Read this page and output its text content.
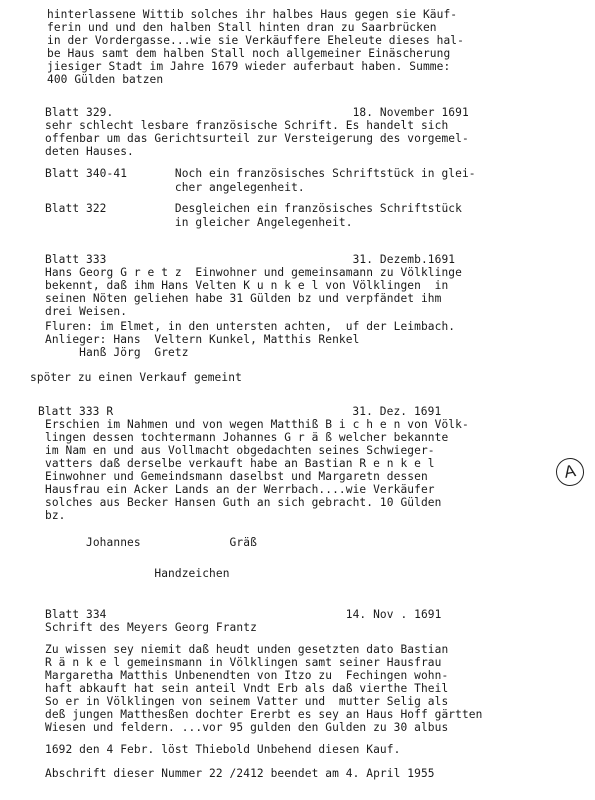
hinterlassene Wittib solches ihr halbes Haus gegen sie Käuf-
ferin und und den halben Stall hinten dran zu Saarbrücken
in der Vordergasse...wie sie Verkäuffere Eheleute dieses hal-
be Haus samt dem halben Stall noch allgemeiner Einäscherung
jiesiger Stadt im Jahre 1679 wieder auferbaut haben. Summe:
400 Gülden batzen
Blatt 329.                                   18. November 1691
sehr schlecht lesbare französische Schrift. Es handelt sich
offenbar um das Gerichtsurteil zur Versteigerung des vorgemel-
deten Hauses.
Blatt 340-41       Noch ein französisches Schriftstück in glei-
cher angelegenheit.
Blatt 322          Desgleichen ein französisches Schriftstück
in gleicher Angelegenheit.
Blatt 333                                    31. Dezemb.1691
Hans Georg G r e t z  Einwohner und gemeinsamann zu Völklinge
bekennt, daß ihm Hans Velten K u n k e l von Völklingen  in
seinen Nöten geliehen habe 31 Gülden bz und verpfändet ihm
drei Weisen.
Fluren: im Elmet, in den untersten achten,  uf der Leimbach.
Anlieger: Hans  Veltern Kunkel, Matthis Renkel
Hanß Jörg  Gretz
spöter zu einen Verkauf gemeint
Blatt 333 R                                   31. Dez. 1691
Erschien im Nahmen und von wegen Matthiß B i c h e n von Völk-
lingen dessen tochtermann Johannes G r ä ß welcher bekannte
im Nam en und aus Vollmacht obgedachten seines Schwieger-
vatters daß derselbe verkauft habe an Bastian R e n k e l
Einwohner und Gemeindsmann daselbst und Margaretn dessen
Hausfrau ein Acker Lands an der Werrbach....wie Verkäufer
solches aus Becker Hansen Guth an sich gebracht. 10 Gülden
bz.
Johannes             Gräß
Handzeichen
Blatt 334                                   14. Nov . 1691
Schrift des Meyers Georg Frantz
Zu wissen sey niemit daß heudt unden gesetzten dato Bastian
R ä n k e l gemeinsmann in Völklingen samt seiner Hausfrau
Margaretha Matthis Unbenendten von Itzo zu  Fechingen wohn-
haft abkauft hat sein anteil Vndt Erb als daß vierthe Theil
So er in Völklingen von seinem Vatter und  mutter Selig als
deß jungen Matthesßen dochter Ererbt es sey an Haus Hoff gärtten
Wiesen und feldern. ...vor 95 gulden den Gulden zu 30 albus
1692 den 4 Febr. löst Thiebold Unbehend diesen Kauf.
Abschrift dieser Nummer 22 /2412 beendet am 4. April 1955
A
